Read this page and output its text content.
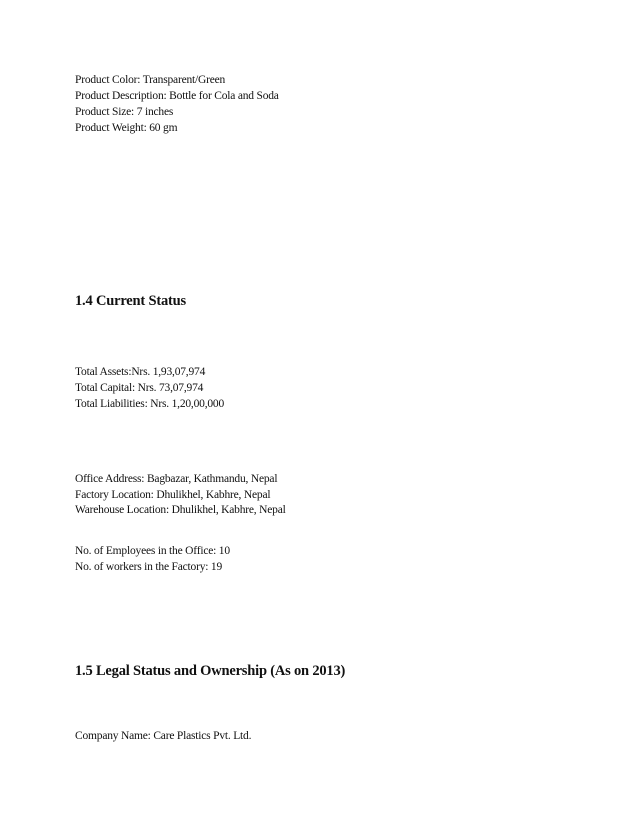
Product Color: Transparent/Green
Product Description: Bottle for Cola and Soda
Product Size: 7 inches
Product Weight: 60 gm
1.4 Current Status
Total Assets:Nrs. 1,93,07,974
Total Capital: Nrs. 73,07,974
Total Liabilities: Nrs. 1,20,00,000
Office Address: Bagbazar, Kathmandu, Nepal
Factory Location: Dhulikhel, Kabhre, Nepal
Warehouse Location: Dhulikhel, Kabhre, Nepal
No. of Employees in the Office: 10
No. of workers in the Factory: 19
1.5 Legal Status and Ownership (As on 2013)
Company Name: Care Plastics Pvt. Ltd.
